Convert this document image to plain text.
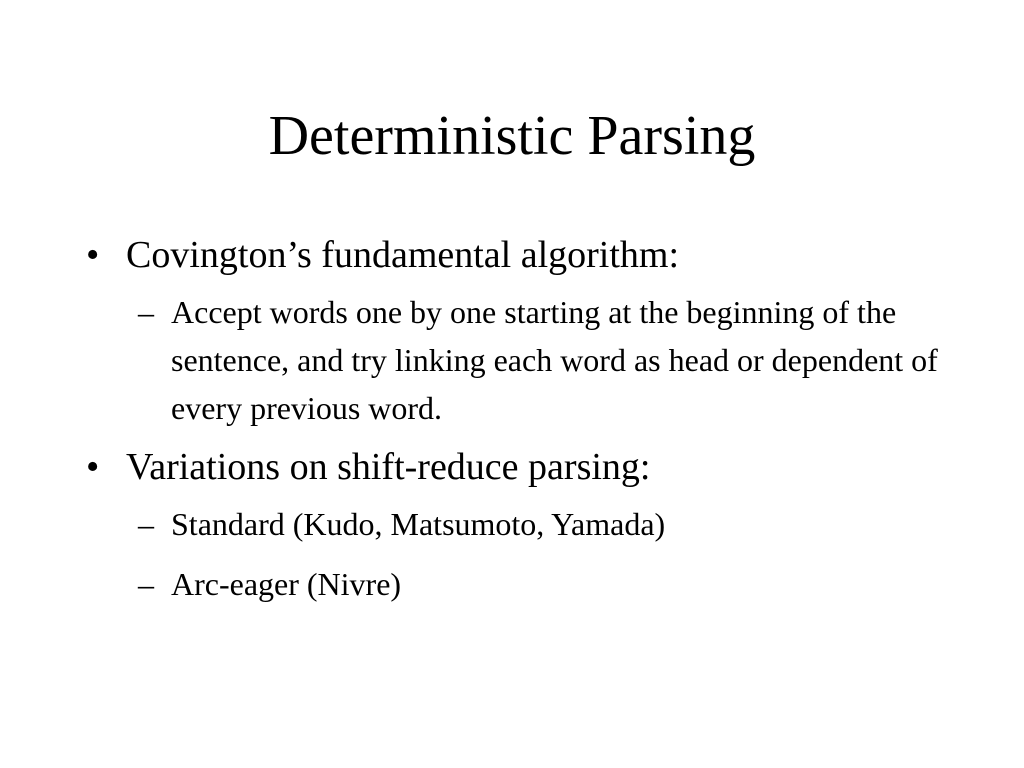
Deterministic Parsing
• Covington’s fundamental algorithm:
– Accept words one by one starting at the beginning of the sentence, and try linking each word as head or dependent of every previous word.
• Variations on shift-reduce parsing:
– Standard (Kudo, Matsumoto, Yamada)
– Arc-eager (Nivre)
